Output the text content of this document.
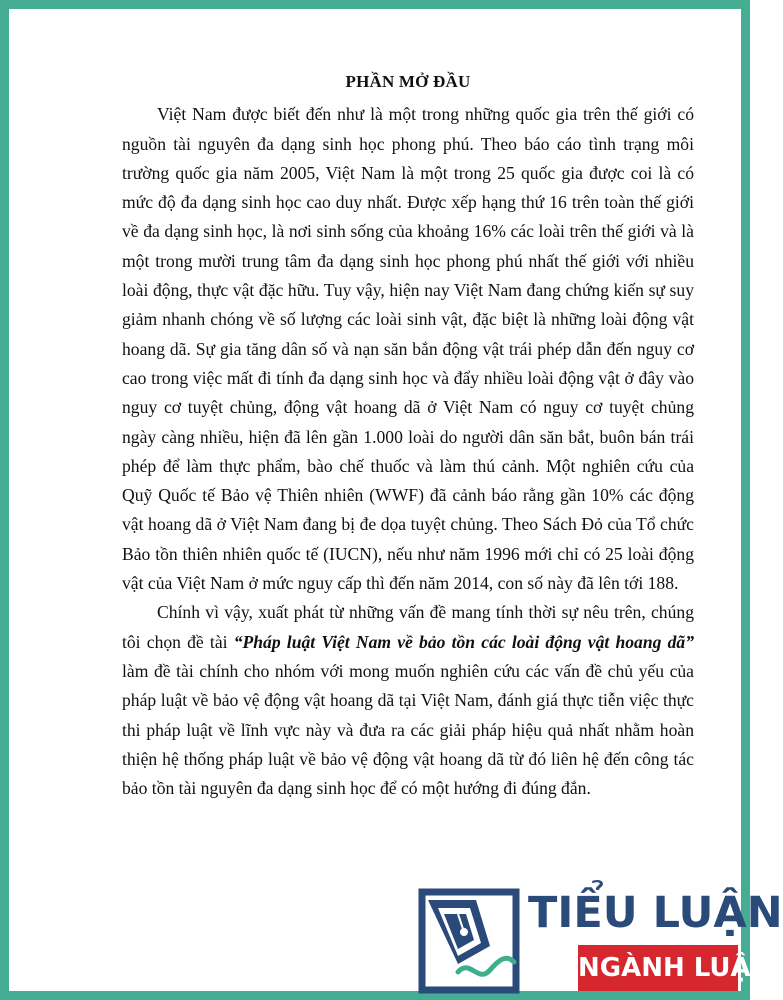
PHẦN MỞ ĐẦU

Việt Nam được biết đến như là một trong những quốc gia trên thế giới có nguồn tài nguyên đa dạng sinh học phong phú. Theo báo cáo tình trạng môi trường quốc gia năm 2005, Việt Nam là một trong 25 quốc gia được coi là có mức độ đa dạng sinh học cao duy nhất. Được xếp hạng thứ 16 trên toàn thế giới về đa dạng sinh học, là nơi sinh sống của khoảng 16% các loài trên thế giới và là một trong mười trung tâm đa dạng sinh học phong phú nhất thế giới với nhiều loài động, thực vật đặc hữu. Tuy vậy, hiện nay Việt Nam đang chứng kiến sự suy giảm nhanh chóng về số lượng các loài sinh vật, đặc biệt là những loài động vật hoang dã. Sự gia tăng dân số và nạn săn bắn động vật trái phép dẫn đến nguy cơ cao trong việc mất đi tính đa dạng sinh học và đẩy nhiều loài động vật ở đây vào nguy cơ tuyệt chủng, động vật hoang dã ở Việt Nam có nguy cơ tuyệt chủng ngày càng nhiều, hiện đã lên gần 1.000 loài do người dân săn bắt, buôn bán trái phép để làm thực phẩm, bào chế thuốc và làm thú cảnh. Một nghiên cứu của Quỹ Quốc tế Bảo vệ Thiên nhiên (WWF) đã cảnh báo rằng gần 10% các động vật hoang dã ở Việt Nam đang bị đe dọa tuyệt chủng. Theo Sách Đỏ của Tổ chức Bảo tồn thiên nhiên quốc tế (IUCN), nếu như năm 1996 mới chỉ có 25 loài động vật của Việt Nam ở mức nguy cấp thì đến năm 2014, con số này đã lên tới 188.

Chính vì vậy, xuất phát từ những vấn đề mang tính thời sự nêu trên, chúng tôi chọn đề tài “Pháp luật Việt Nam về bảo tồn các loài động vật hoang dã” làm đề tài chính cho nhóm với mong muốn nghiên cứu các vấn đề chủ yếu của pháp luật về bảo vệ động vật hoang dã tại Việt Nam, đánh giá thực tiễn việc thực thi pháp luật về lĩnh vực này và đưa ra các giải pháp hiệu quả nhất nhằm hoàn thiện hệ thống pháp luật về bảo vệ động vật hoang dã từ đó liên hệ đến công tác bảo tồn tài nguyên đa dạng sinh học để có một hướng đi đúng đắn.

TIỂU LUẬN
NGÀNH LUẬT
